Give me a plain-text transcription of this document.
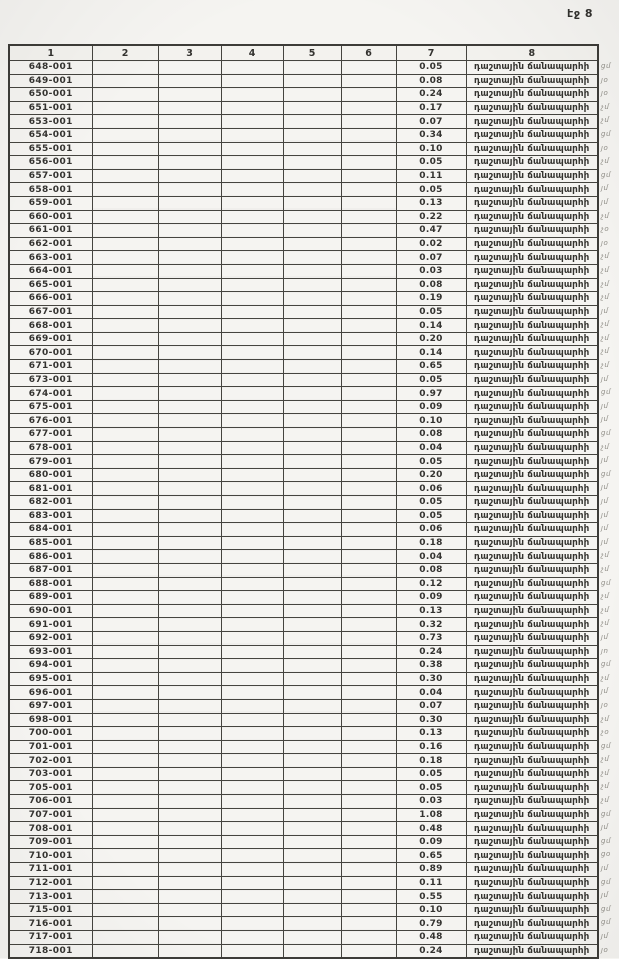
էջ 8
1	2	3	4	5	6	7	8
648-001						0.05	դաշտային ճանապարհի
649-001						0.08	դաշտային ճանապարհի
650-001						0.24	դաշտային ճանապարհի
651-001						0.17	դաշտային ճանապարհի
653-001						0.07	դաշտային ճանապարհի
654-001						0.34	դաշտային ճանապարհի
655-001						0.10	դաշտային ճանապարհի
656-001						0.05	դաշտային ճանապարհի
657-001						0.11	դաշտային ճանապարհի
658-001						0.05	դաշտային ճանապարհի
659-001						0.13	դաշտային ճանապարհի
660-001						0.22	դաշտային ճանապարհի
661-001						0.47	դաշտային ճանապարհի
662-001						0.02	դաշտային ճանապարհի
663-001						0.07	դաշտային ճանապարհի
664-001						0.03	դաշտային ճանապարհի
665-001						0.08	դաշտային ճանապարհի
666-001						0.19	դաշտային ճանապարհի
667-001						0.05	դաշտային ճանապարհի
668-001						0.14	դաշտային ճանապարհի
669-001						0.20	դաշտային ճանապարհի
670-001						0.14	դաշտային ճանապարհի
671-001						0.65	դաշտային ճանապարհի
673-001						0.05	դաշտային ճանապարհի
674-001						0.97	դաշտային ճանապարհի
675-001						0.09	դաշտային ճանապարհի
676-001						0.10	դաշտային ճանապարհի
677-001						0.08	դաշտային ճանապարհի
678-001						0.04	դաշտային ճանապարհի
679-001						0.05	դաշտային ճանապարհի
680-001						0.20	դաշտային ճանապարհի
681-001						0.06	դաշտային ճանապարհի
682-001						0.05	դաշտային ճանապարհի
683-001						0.05	դաշտային ճանապարհի
684-001						0.06	դաշտային ճանապարհի
685-001						0.18	դաշտային ճանապարհի
686-001						0.04	դաշտային ճանապարհի
687-001						0.08	դաշտային ճանապարհի
688-001						0.12	դաշտային ճանապարհի
689-001						0.09	դաշտային ճանապարհի
690-001						0.13	դաշտային ճանապարհի
691-001						0.32	դաշտային ճանապարհի
692-001						0.73	դաշտային ճանապարհի
693-001						0.24	դաշտային ճանապարհի
694-001						0.38	դաշտային ճանապարհի
695-001						0.30	դաշտային ճանապարհի
696-001						0.04	դաշտային ճանապարհի
697-001						0.07	դաշտային ճանապարհի
698-001						0.30	դաշտային ճանապարհի
700-001						0.13	դաշտային ճանապարհի
701-001						0.16	դաշտային ճանապարհի
702-001						0.18	դաշտային ճանապարհի
703-001						0.05	դաշտային ճանապարհի
705-001						0.05	դաշտային ճանապարհի
706-001						0.03	դաշտային ճանապարհի
707-001						1.08	դաշտային ճանապարհի
708-001						0.48	դաշտային ճանապարհի
709-001						0.09	դաշտային ճանապարհի
710-001						0.65	դաշտային ճանապարհի
711-001						0.89	դաշտային ճանապարհի
712-001						0.11	դաշտային ճանապարհի
713-001						0.55	դաշտային ճանապարհի
715-001						0.10	դաշտային ճանապարհի
716-001						0.79	դաշտային ճանապարհի
717-001						0.48	դաշտային ճանապարհի
718-001						0.24	դաշտային ճանապարհի
ցմ
յօ
յօ
չմ
չմ
ցմ
յօ
չմ
ցմ
յմ
յմ
չմ
չօ
յօ
չմ
չմ
չմ
չմ
յմ
չմ
չմ
չմ
չմ
յմ
ցմ
յմ
յմ
ցմ
չմ
յմ
ցմ
յմ
յմ
յմ
յմ
յմ
չմ
չմ
ցմ
չմ
չմ
չմ
յմ
յո
ցմ
չմ
յմ
յօ
չմ
չօ
ցմ
չմ
չմ
չմ
չմ
ցմ
յմ
ցմ
ցօ
յմ
ցմ
յմ
ցմ
ցմ
յմ
յօ
